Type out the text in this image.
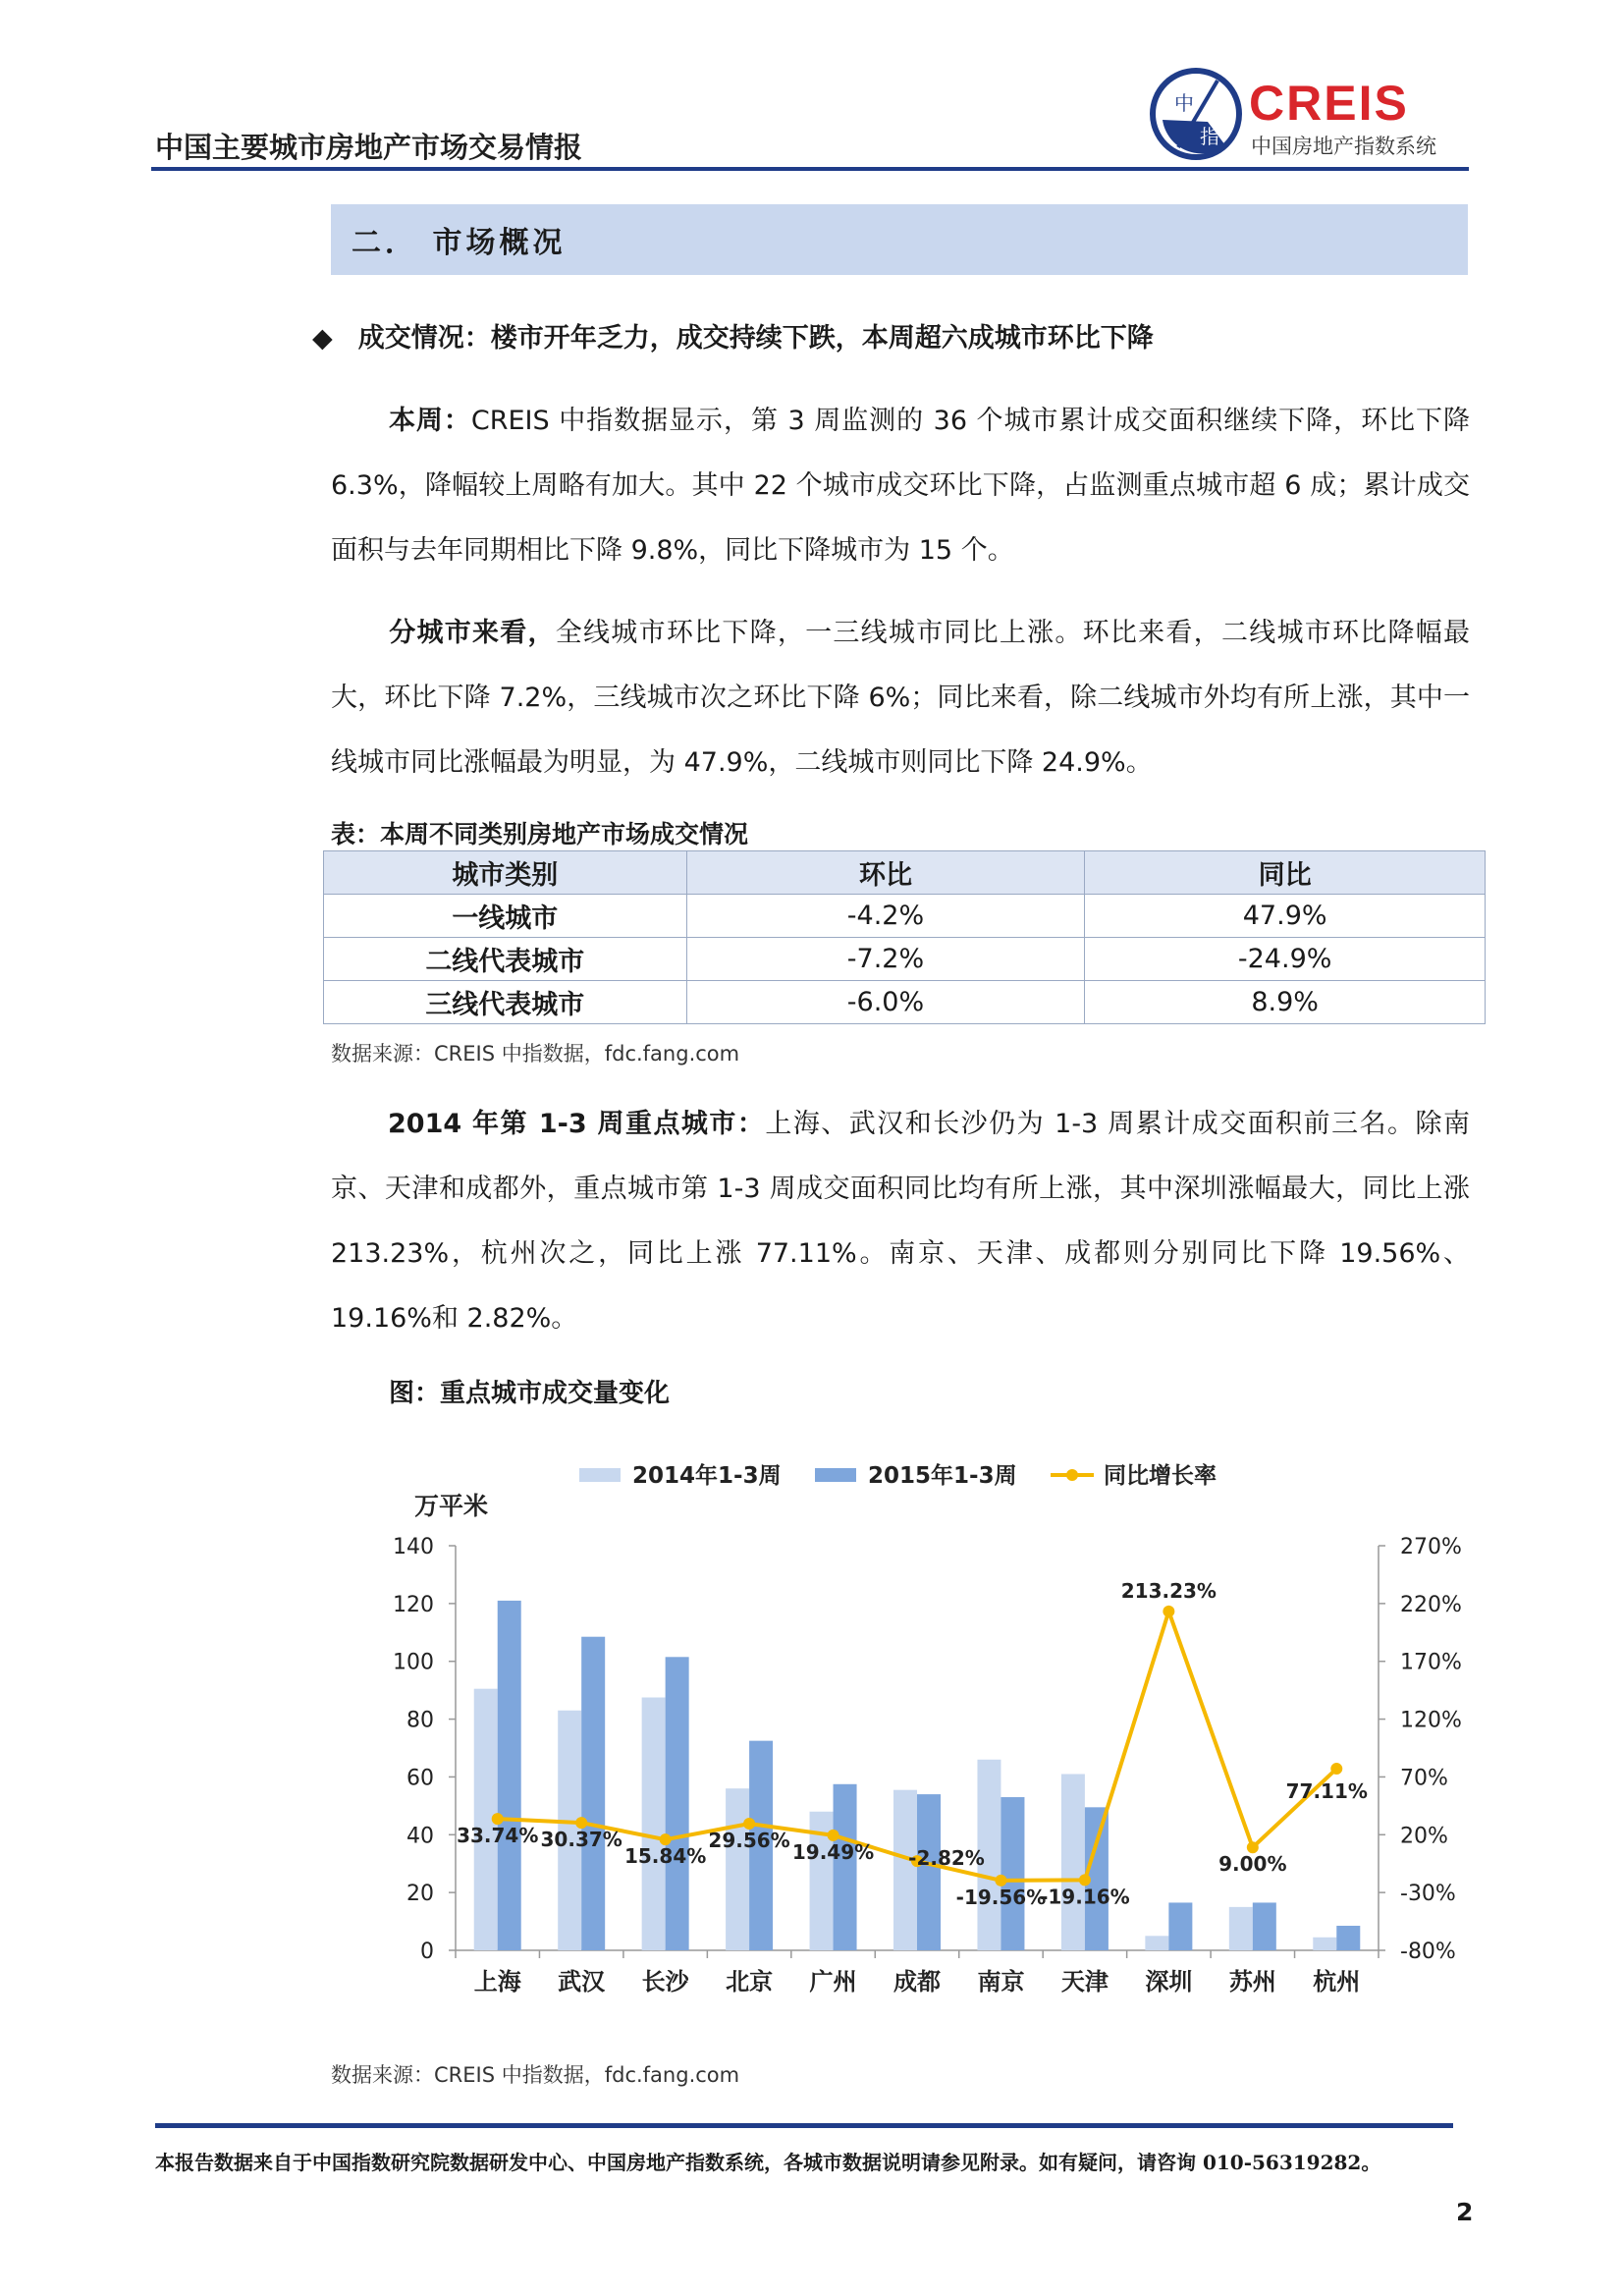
中国主要城市房地产市场交易情报
中
指
CREIS
中国房地产指数系统
二． 市场概况
◆ 成交情况：楼市开年乏力，成交持续下跌，本周超六成城市环比下降
本周：CREIS 中指数据显示，第 3 周监测的 36 个城市累计成交面积继续下降，环比下降 6.3%，降幅较上周略有加大。其中 22 个城市成交环比下降，占监测重点城市超 6 成；累计成交面积与去年同期相比下降 9.8%，同比下降城市为 15 个。
分城市来看，全线城市环比下降，一三线城市同比上涨。环比来看，二线城市环比降幅最大，环比下降 7.2%，三线城市次之环比下降 6%；同比来看，除二线城市外均有所上涨，其中一线城市同比涨幅最为明显，为 47.9%，二线城市则同比下降 24.9%。
表：本周不同类别房地产市场成交情况
城市类别	环比	同比
一线城市	-4.2%	47.9%
二线代表城市	-7.2%	-24.9%
三线代表城市	-6.0%	8.9%
数据来源：CREIS 中指数据，fdc.fang.com
2014 年第 1-3 周重点城市：上海、武汉和长沙仍为 1-3 周累计成交面积前三名。除南京、天津和成都外，重点城市第 1-3 周成交面积同比均有所上涨，其中深圳涨幅最大，同比上涨 213.23%，杭州次之，同比上涨 77.11%。南京、天津、成都则分别同比下降 19.56%、19.16%和 2.82%。
图：重点城市成交量变化
0
20
40
60
80
100
120
140
-80%
-30%
20%
70%
120%
170%
220%
270%
上海 武汉 长沙 北京 广州 成都 南京 天津 深圳 苏州 杭州
万平米
33.74% 30.37%
15.84%
29.56% 19.49% -2.82%
-19.56%
-19.16%
213.23%
9.00%
77.11%
2014年1-3周	2015年1-3周	同比增长率
数据来源：CREIS 中指数据，fdc.fang.com
本报告数据来自于中国指数研究院数据研发中心、中国房地产指数系统，各城市数据说明请参见附录。如有疑问，请咨询 010-56319282。
2
